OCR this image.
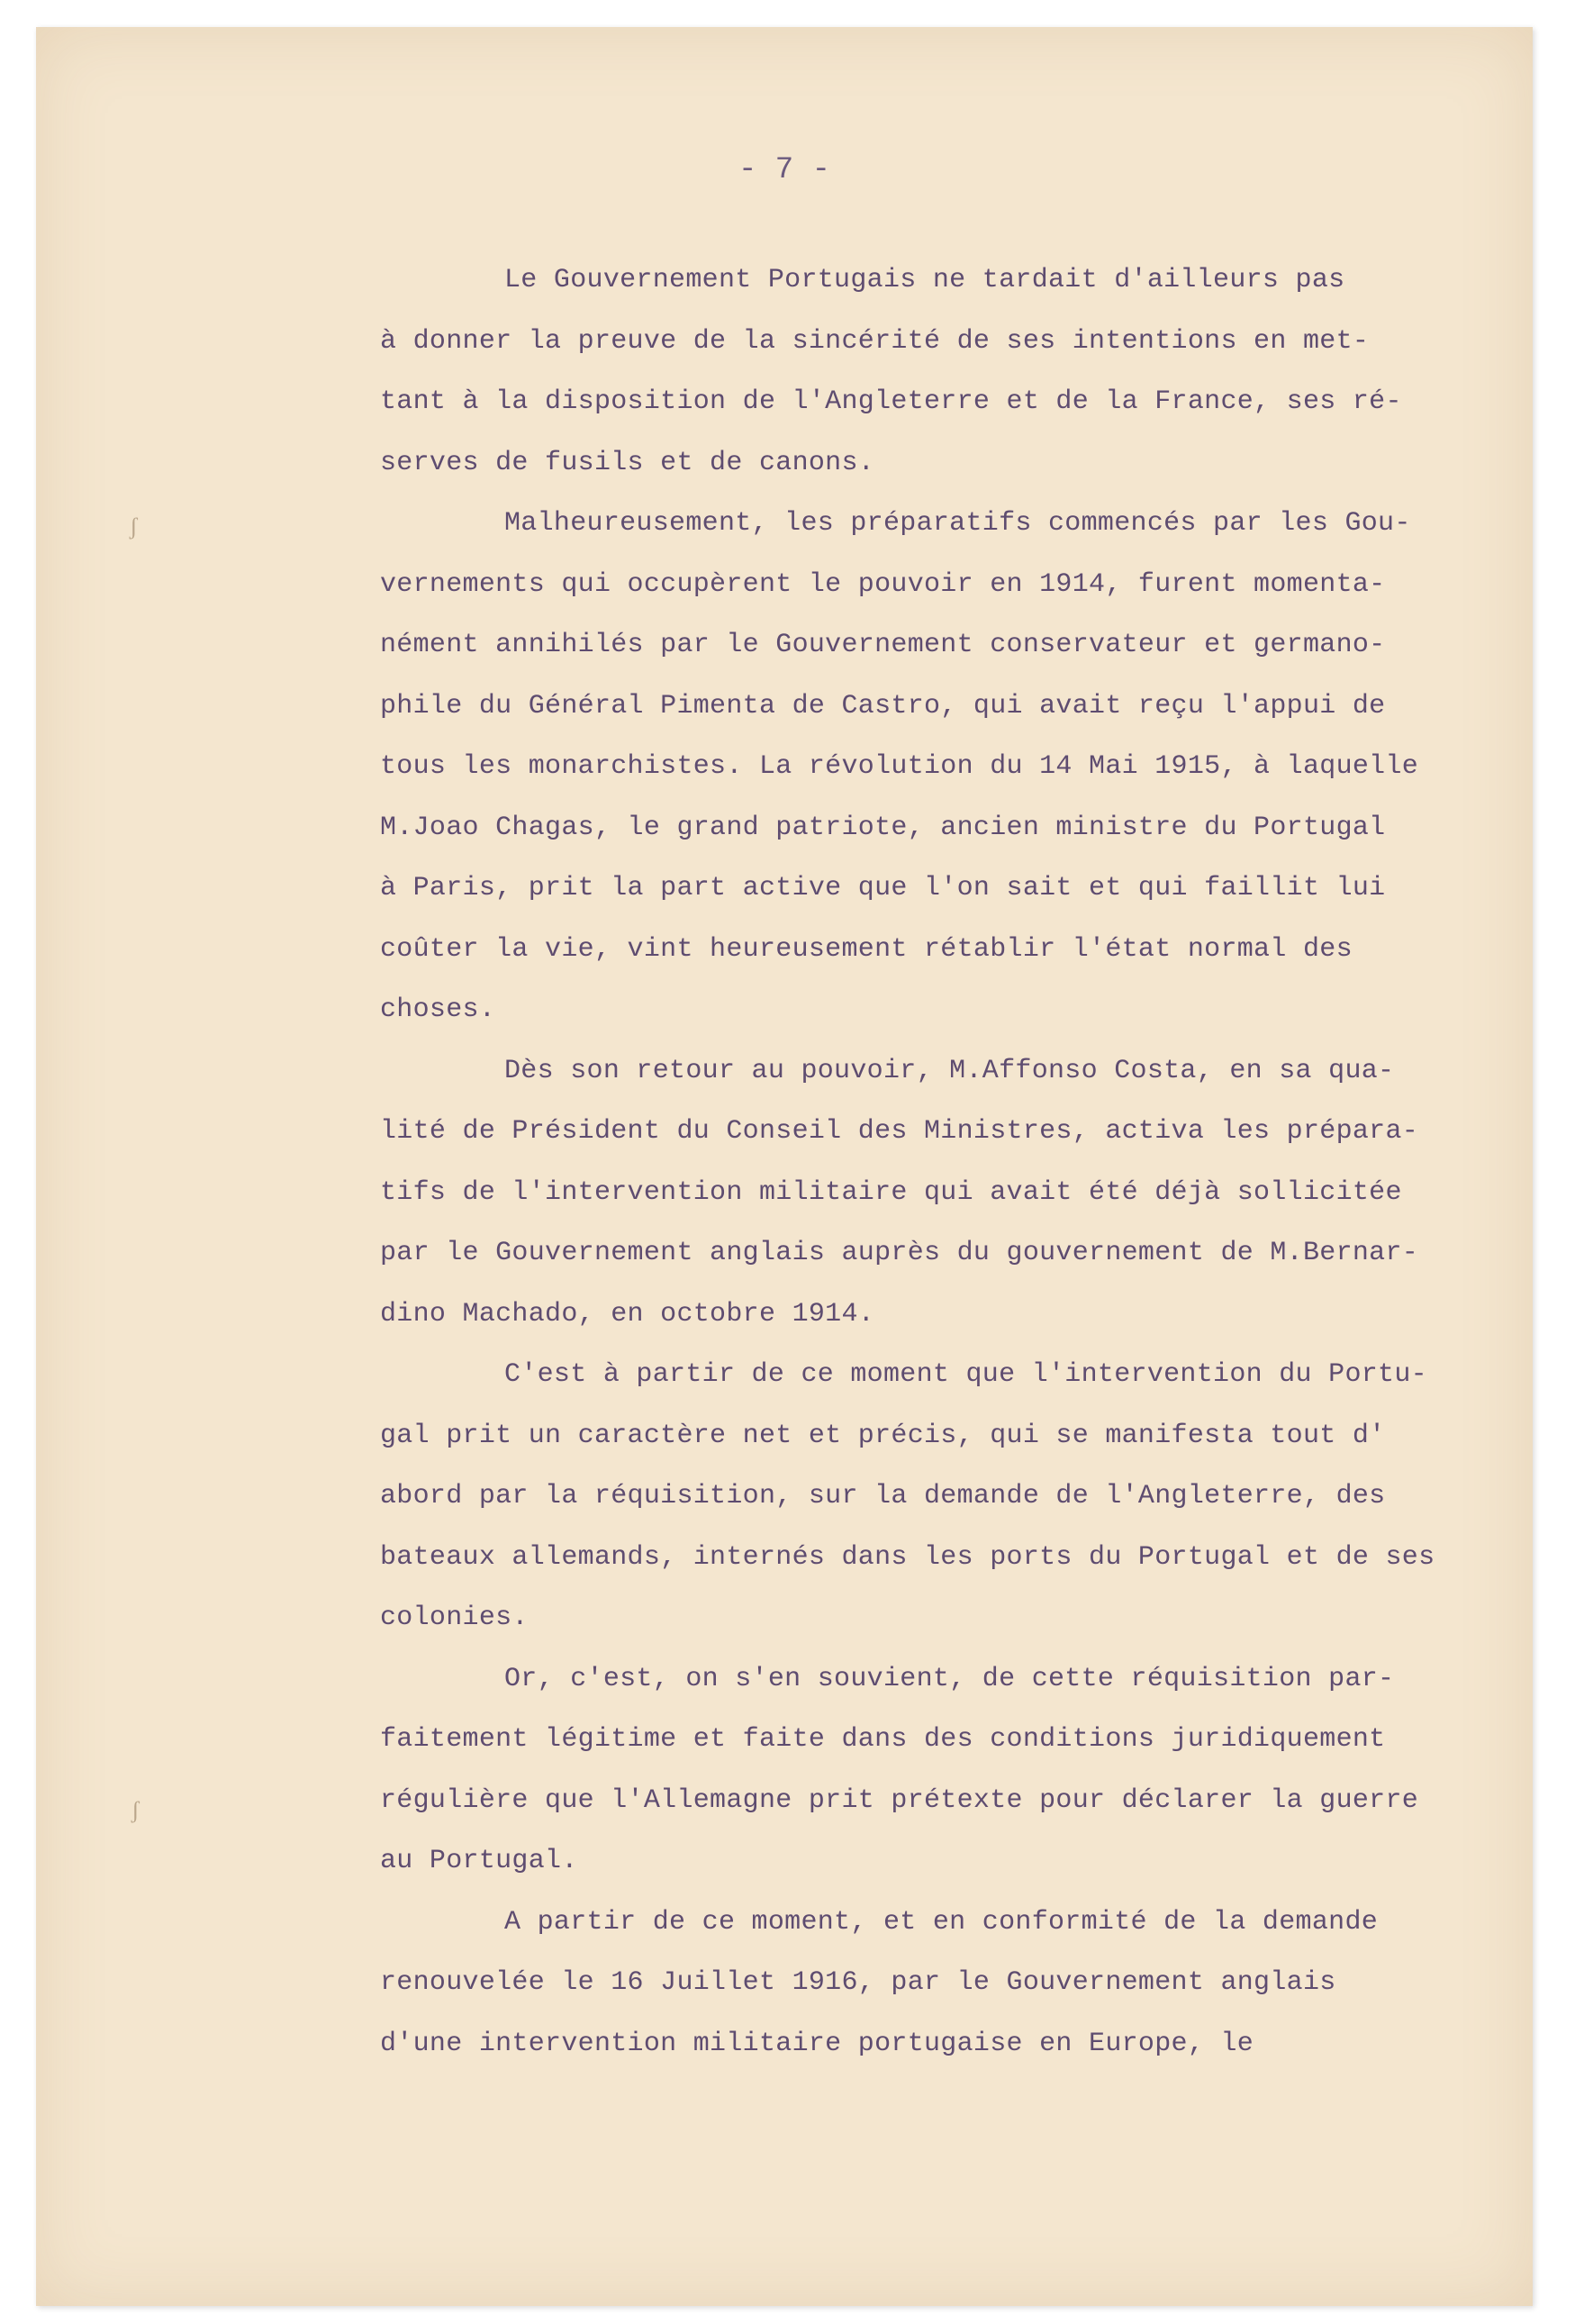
- 7 -
Le Gouvernement Portugais ne tardait d'ailleurs pas
à donner la preuve de la sincérité de ses intentions en met-
tant à la disposition de l'Angleterre et de la France, ses ré-
serves de fusils et de canons.
Malheureusement, les préparatifs commencés par les Gou-
vernements qui occupèrent le pouvoir en 1914, furent momenta-
nément annihilés par le Gouvernement conservateur et germano-
phile du Général Pimenta de Castro, qui avait reçu l'appui de
tous les monarchistes. La révolution du 14 Mai 1915, à laquelle
M.Joao Chagas, le grand patriote, ancien ministre du Portugal
à Paris, prit la part active que l'on sait et qui faillit lui
coûter la vie, vint heureusement rétablir l'état normal des
choses.
Dès son retour au pouvoir, M.Affonso Costa, en sa qua-
lité de Président du Conseil des Ministres, activa les prépara-
tifs de l'intervention militaire qui avait été déjà sollicitée
par le Gouvernement anglais auprès du gouvernement de M.Bernar-
dino Machado, en octobre 1914.
C'est à partir de ce moment que l'intervention du Portu-
gal prit un caractère net et précis, qui se manifesta tout d'
abord par la réquisition, sur la demande de l'Angleterre, des
bateaux allemands, internés dans les ports du Portugal et de ses
colonies.
Or, c'est, on s'en souvient, de cette réquisition par-
faitement légitime et faite dans des conditions juridiquement
régulière que l'Allemagne prit prétexte pour déclarer la guerre
au Portugal.
A partir de ce moment, et en conformité de la demande
renouvelée le 16 Juillet 1916, par le Gouvernement anglais
d'une intervention militaire portugaise en Europe, le
ʃ
ʃ
